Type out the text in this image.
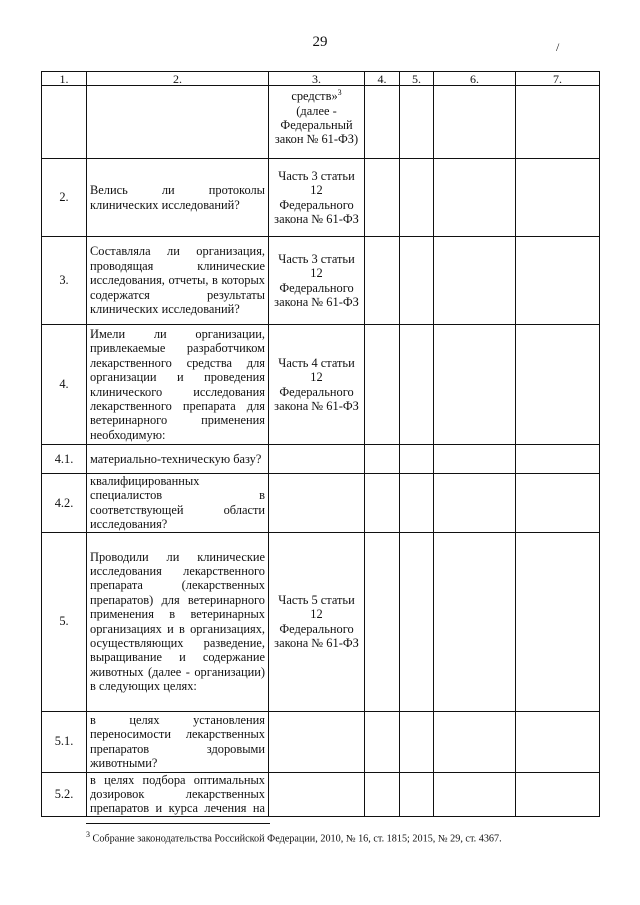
29	/
1.	2.	3.	4.	5.	6.	7.
		средств»$^3$
(далее - Федеральный закон № 61-ФЗ)				
2.	Велись ли протоколы клинических исследований?	Часть 3 статьи 12 Федерального закона № 61-ФЗ				
3.	Составляла ли организация, проводящая клинические исследования, отчеты, в которых содержатся результаты клинических исследований?	Часть 3 статьи 12 Федерального закона № 61-ФЗ				
4.	Имели ли организации, привлекаемые разработчиком лекарственного средства для организации и проведения клинического исследования лекарственного препарата для ветеринарного применения необходимую:	Часть 4 статьи 12 Федерального закона № 61-ФЗ				
4.1.	материально-техническую базу?					
4.2.	квалифицированных специалистов в соответствующей области исследования?					
5.	Проводили ли клинические исследования лекарственного препарата (лекарственных препаратов) для ветеринарного применения в ветеринарных организациях и в организациях, осуществляющих разведение, выращивание и содержание животных (далее - организации) в следующих целях:	Часть 5 статьи 12 Федерального закона № 61-ФЗ				
5.1.	в целях установления переносимости лекарственных препаратов здоровыми животными?					
5.2.	в целях подбора оптимальных дозировок лекарственных препаратов и курса лечения на					
$^3$ Собрание законодательства Российской Федерации, 2010, № 16, ст. 1815; 2015, № 29, ст. 4367.
